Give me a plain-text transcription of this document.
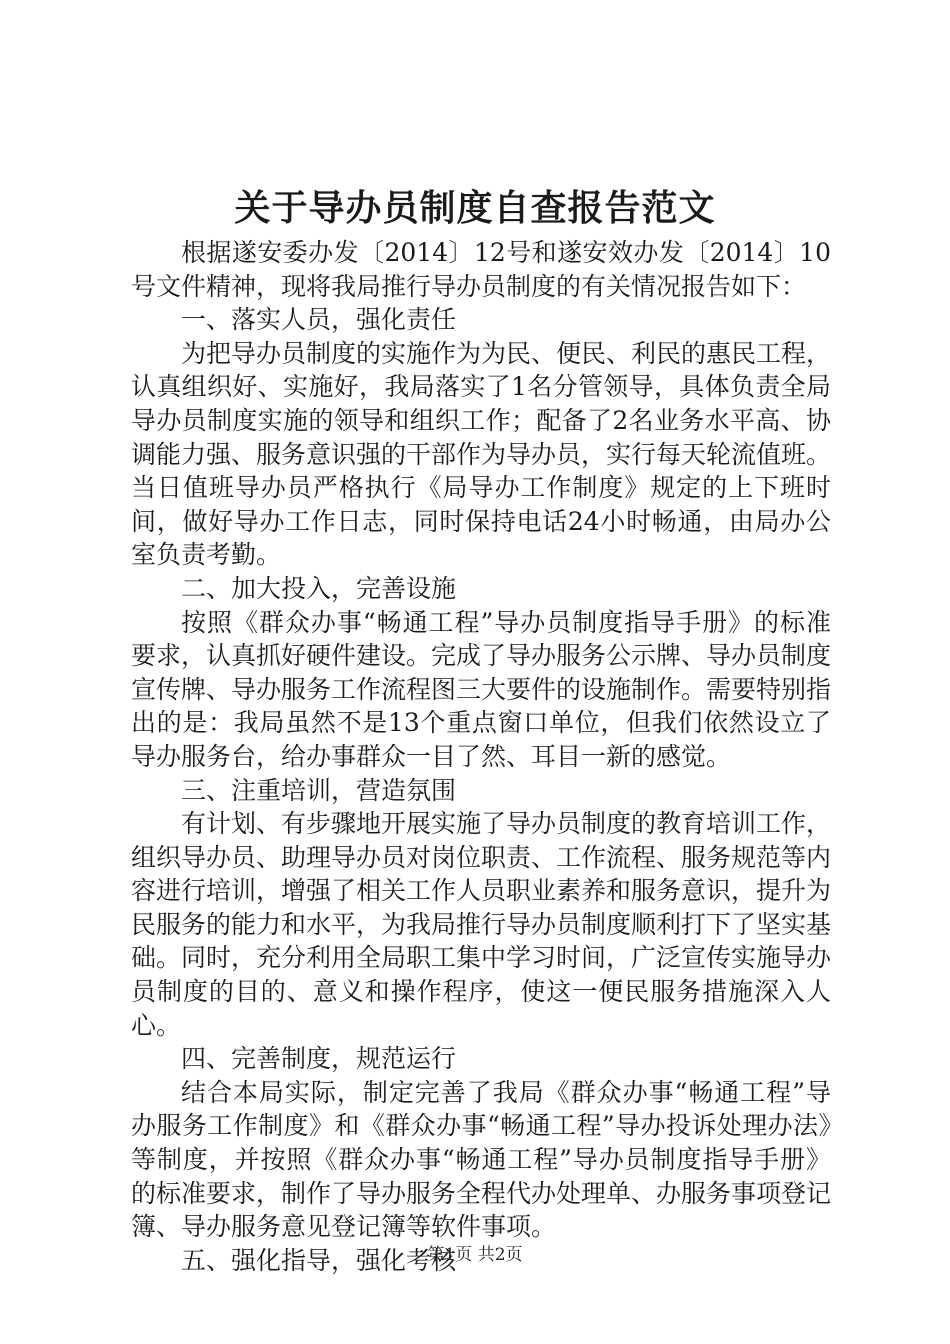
关于导办员制度自查报告范文

根据遂安委办发〔2014〕12号和遂安效办发〔2014〕10号文件精神，现将我局推行导办员制度的有关情况报告如下：

一、落实人员，强化责任

为把导办员制度的实施作为为民、便民、利民的惠民工程，认真组织好、实施好，我局落实了1名分管领导，具体负责全局导办员制度实施的领导和组织工作；配备了2名业务水平高、协调能力强、服务意识强的干部作为导办员，实行每天轮流值班。当日值班导办员严格执行《局导办工作制度》规定的上下班时间，做好导办工作日志，同时保持电话24小时畅通，由局办公室负责考勤。

二、加大投入，完善设施

按照《群众办事“畅通工程”导办员制度指导手册》的标准要求，认真抓好硬件建设。完成了导办服务公示牌、导办员制度宣传牌、导办服务工作流程图三大要件的设施制作。需要特别指出的是：我局虽然不是13个重点窗口单位，但我们依然设立了导办服务台，给办事群众一目了然、耳目一新的感觉。

三、注重培训，营造氛围

有计划、有步骤地开展实施了导办员制度的教育培训工作，组织导办员、助理导办员对岗位职责、工作流程、服务规范等内容进行培训，增强了相关工作人员职业素养和服务意识，提升为民服务的能力和水平，为我局推行导办员制度顺利打下了坚实基础。同时，充分利用全局职工集中学习时间，广泛宣传实施导办员制度的目的、意义和操作程序，使这一便民服务措施深入人心。

四、完善制度，规范运行

结合本局实际，制定完善了我局《群众办事“畅通工程”导办服务工作制度》和《群众办事“畅通工程”导办投诉处理办法》等制度，并按照《群众办事“畅通工程”导办员制度指导手册》的标准要求，制作了导办服务全程代办处理单、办服务事项登记簿、导办服务意见登记簿等软件事项。

五、强化指导，强化考核

第1页 共2页
